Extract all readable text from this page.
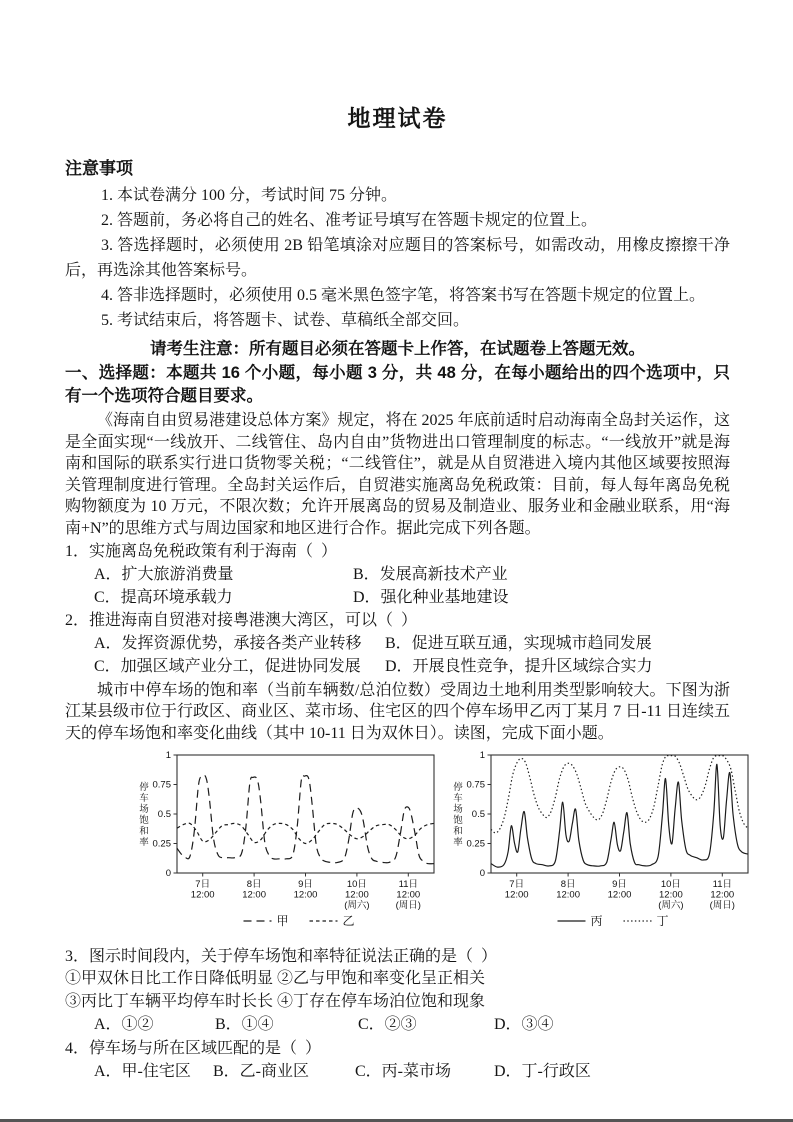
地理试卷

注意事项

1. 本试卷满分 100 分，考试时间 75 分钟。

2. 答题前，务必将自己的姓名、准考证号填写在答题卡规定的位置上。

3. 答选择题时，必须使用 2B 铅笔填涂对应题目的答案标号，如需改动，用橡皮擦擦干净后，再选涂其他答案标号。

4. 答非选择题时，必须使用 0.5 毫米黑色签字笔，将答案书写在答题卡规定的位置上。

5. 考试结束后，将答题卡、试卷、草稿纸全部交回。

请考生注意：所有题目必须在答题卡上作答，在试题卷上答题无效。

一、选择题：本题共 16 个小题，每小题 3 分，共 48 分，在每小题给出的四个选项中，只有一个选项符合题目要求。

《海南自由贸易港建设总体方案》规定，将在 2025 年底前适时启动海南全岛封关运作，这是全面实现“一线放开、二线管住、岛内自由”货物进出口管理制度的标志。“一线放开”就是海南和国际的联系实行进口货物零关税；“二线管住”，就是从自贸港进入境内其他区域要按照海关管理制度进行管理。全岛封关运作后，自贸港实施离岛免税政策：目前，每人每年离岛免税购物额度为 10 万元，不限次数；允许开展离岛的贸易及制造业、服务业和金融业联系，用“海南+N”的思维方式与周边国家和地区进行合作。据此完成下列各题。

1．实施离岛免税政策有利于海南（  ）

A．扩大旅游消费量	B．发展高新技术产业
C．提高环境承载力	D．强化种业基地建设

2．推进海南自贸港对接粤港澳大湾区，可以（  ）

A．发挥资源优势，承接各类产业转移	B．促进互联互通，实现城市趋同发展
C．加强区域产业分工，促进协同发展	D．开展良性竞争，提升区域综合实力

城市中停车场的饱和率（当前车辆数/总泊位数）受周边土地利用类型影响较大。下图为浙江某县级市位于行政区、商业区、菜市场、住宅区的四个停车场甲乙丙丁某月 7 日-11 日连续五天的停车场饱和率变化曲线（其中 10-11 日为双休日）。读图，完成下面小题。

0
0.25
0.5
0.75
1
停
车
场
饱
和
率
7日
12:00
8日
12:00
9日
12:00
10日
12:00
(周六)
11日
12:00
(周日)
甲	乙
0
0.25
0.5
0.75
1
停
车
场
饱
和
率
7日
12:00
8日
12:00
9日
12:00
10日
12:00
(周六)
11日
12:00
(周日)
丙	丁

3．图示时间段内，关于停车场饱和率特征说法正确的是（  ）

①甲双休日比工作日降低明显 ②乙与甲饱和率变化呈正相关

③丙比丁车辆平均停车时长长 ④丁存在停车场泊位饱和现象

A．①②	B．①④	C．②③	D．③④

4．停车场与所在区域匹配的是（  ）

A．甲-住宅区	B．乙-商业区	C．丙-菜市场	D．丁-行政区
